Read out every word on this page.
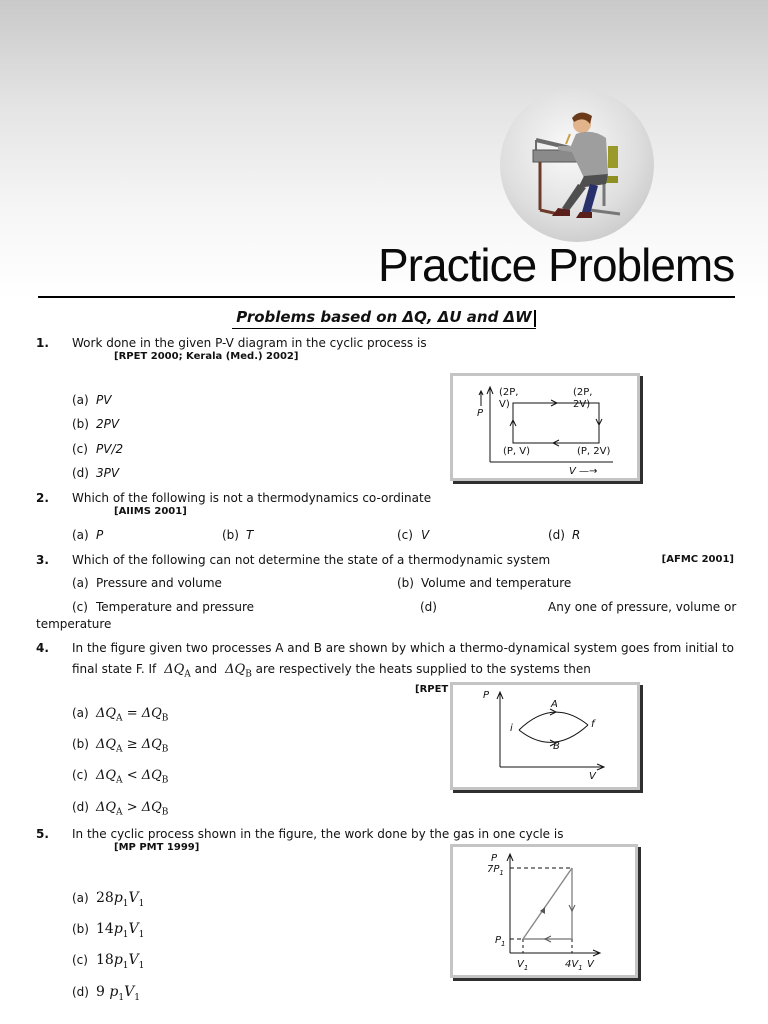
Practice Problems
Problems based on ΔQ, ΔU and ΔW
1. Work done in the given P-V diagram in the cyclic process is
[RPET 2000; Kerala (Med.) 2002]
(a) PV
(b) 2PV
(c) PV/2
(d) 3PV
(2P,
V)
(2P,
2V)
(P, V)	(P, 2V)
P
V —→
2. Which of the following is not a thermodynamics co-ordinate
[AIIMS 2001]
(a) P	(b) T	(c) V	(d) R
3. Which of the following can not determine the state of a thermodynamic system	[AFMC 2001]
(a) Pressure and volume	(b) Volume and temperature
(c) Temperature and pressure	(d)	Any one of pressure, volume or
temperature
4. In the figure given two processes A and B are shown by which a thermo-dynamical system goes from initial to
final state F. If  $\Delta Q_A$ and  $\Delta Q_B$ are respectively the heats supplied to the systems then
[RPET
(a) $\Delta Q_A = \Delta Q_B$
(b) $\Delta Q_A \ge \Delta Q_B$
(c) $\Delta Q_A < \Delta Q_B$
(d) $\Delta Q_A > \Delta Q_B$
P
V
A
B
i	f
5. In the cyclic process shown in the figure, the work done by the gas in one cycle is
[MP PMT 1999]
(a) $28p_1V_1$
(b) $14p_1V_1$
(c) $18p_1V_1$
(d) 9 $p_1V_1$
P
V
$7P_1$
$P_1$
$V_1$	$4V_1$
